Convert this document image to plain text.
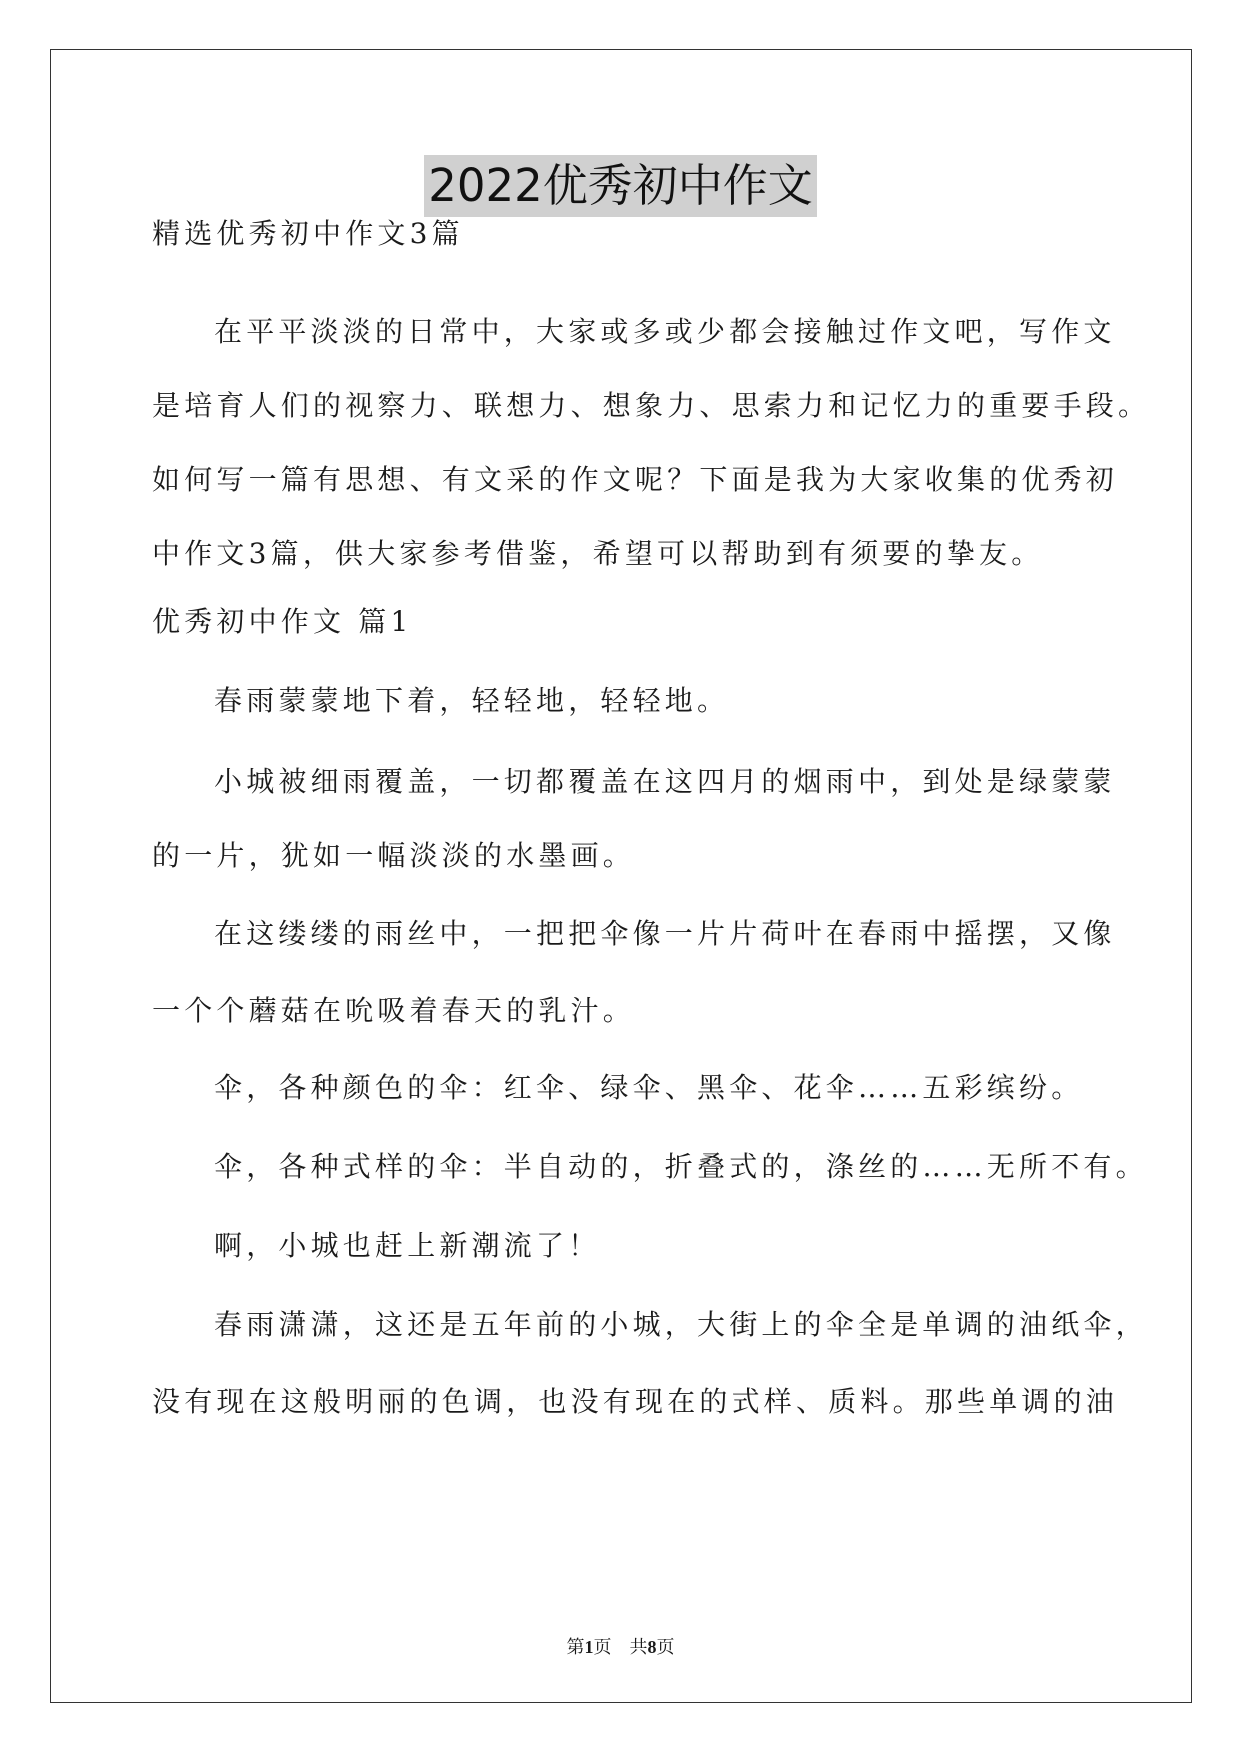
2022优秀初中作文
精选优秀初中作文3篇
在平平淡淡的日常中，大家或多或少都会接触过作文吧，写作文
是培育人们的视察力、联想力、想象力、思索力和记忆力的重要手段。
如何写一篇有思想、有文采的作文呢？下面是我为大家收集的优秀初
中作文3篇，供大家参考借鉴，希望可以帮助到有须要的挚友。
优秀初中作文 篇1
春雨蒙蒙地下着，轻轻地，轻轻地。
小城被细雨覆盖，一切都覆盖在这四月的烟雨中，到处是绿蒙蒙
的一片，犹如一幅淡淡的水墨画。
在这缕缕的雨丝中，一把把伞像一片片荷叶在春雨中摇摆，又像
一个个蘑菇在吮吸着春天的乳汁。
伞，各种颜色的伞：红伞、绿伞、黑伞、花伞……五彩缤纷。
伞，各种式样的伞：半自动的，折叠式的，涤丝的……无所不有。
啊，小城也赶上新潮流了！
春雨潇潇，这还是五年前的小城，大街上的伞全是单调的油纸伞，
没有现在这般明丽的色调，也没有现在的式样、质料。那些单调的油
第1页　共8页
